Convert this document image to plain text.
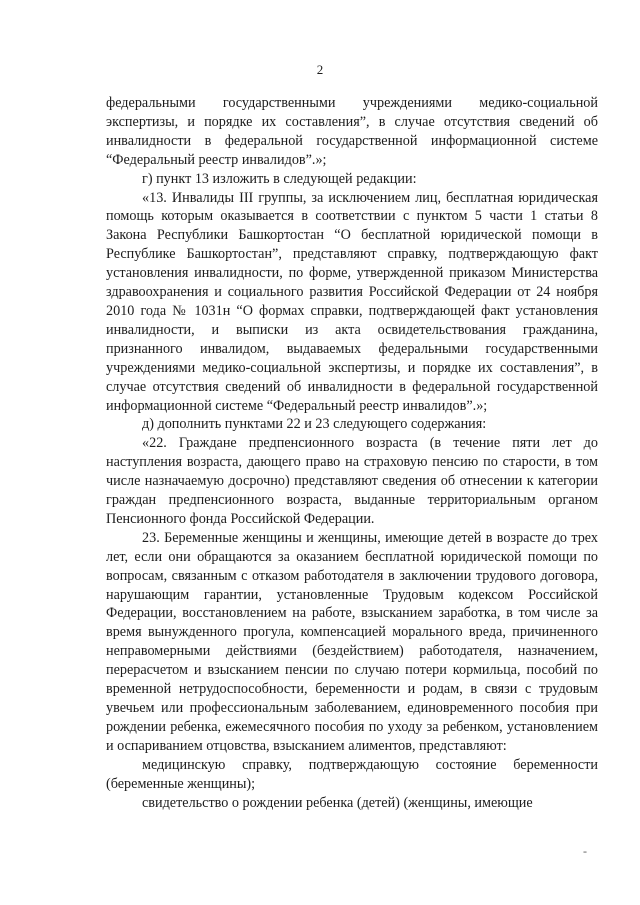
2

федеральными государственными учреждениями медико-социальной экспертизы, и порядке их составления”, в случае отсутствия сведений об инвалидности в федеральной государственной информационной системе “Федеральный реестр инвалидов”.»;

г) пункт 13 изложить в следующей редакции:

«13. Инвалиды III группы, за исключением лиц, бесплатная юридическая помощь которым оказывается в соответствии с пунктом 5 части 1 статьи 8 Закона Республики Башкортостан “О бесплатной юридической помощи в Республике Башкортостан”, представляют справку, подтверждающую факт установления инвалидности, по форме, утвержденной приказом Министерства здравоохранения и социального развития Российской Федерации от 24 ноября 2010 года № 1031н “О формах справки, подтверждающей факт установления инвалидности, и выписки из акта освидетельствования гражданина, признанного инвалидом, выдаваемых федеральными государственными учреждениями медико-социальной экспертизы, и порядке их составления”, в случае отсутствия сведений об инвалидности в федеральной государственной информационной системе “Федеральный реестр инвалидов”.»;

д) дополнить пунктами 22 и 23 следующего содержания:

«22. Граждане предпенсионного возраста (в течение пяти лет до наступления возраста, дающего право на страховую пенсию по старости, в том числе назначаемую досрочно) представляют сведения об отнесении к категории граждан предпенсионного возраста, выданные территориальным органом Пенсионного фонда Российской Федерации.

23. Беременные женщины и женщины, имеющие детей в возрасте до трех лет, если они обращаются за оказанием бесплатной юридической помощи по вопросам, связанным с отказом работодателя в заключении трудового договора, нарушающим гарантии, установленные Трудовым кодексом Российской Федерации, восстановлением на работе, взысканием заработка, в том числе за время вынужденного прогула, компенсацией морального вреда, причиненного неправомерными действиями (бездействием) работодателя, назначением, перерасчетом и взысканием пенсии по случаю потери кормильца, пособий по временной нетрудоспособности, беременности и родам, в связи с трудовым увечьем или профессиональным заболеванием, единовременного пособия при рождении ребенка, ежемесячного пособия по уходу за ребенком, установлением и оспариванием отцовства, взысканием алиментов, представляют:

медицинскую справку, подтверждающую состояние беременности (беременные женщины);

свидетельство о рождении ребенка (детей) (женщины, имеющие

-
